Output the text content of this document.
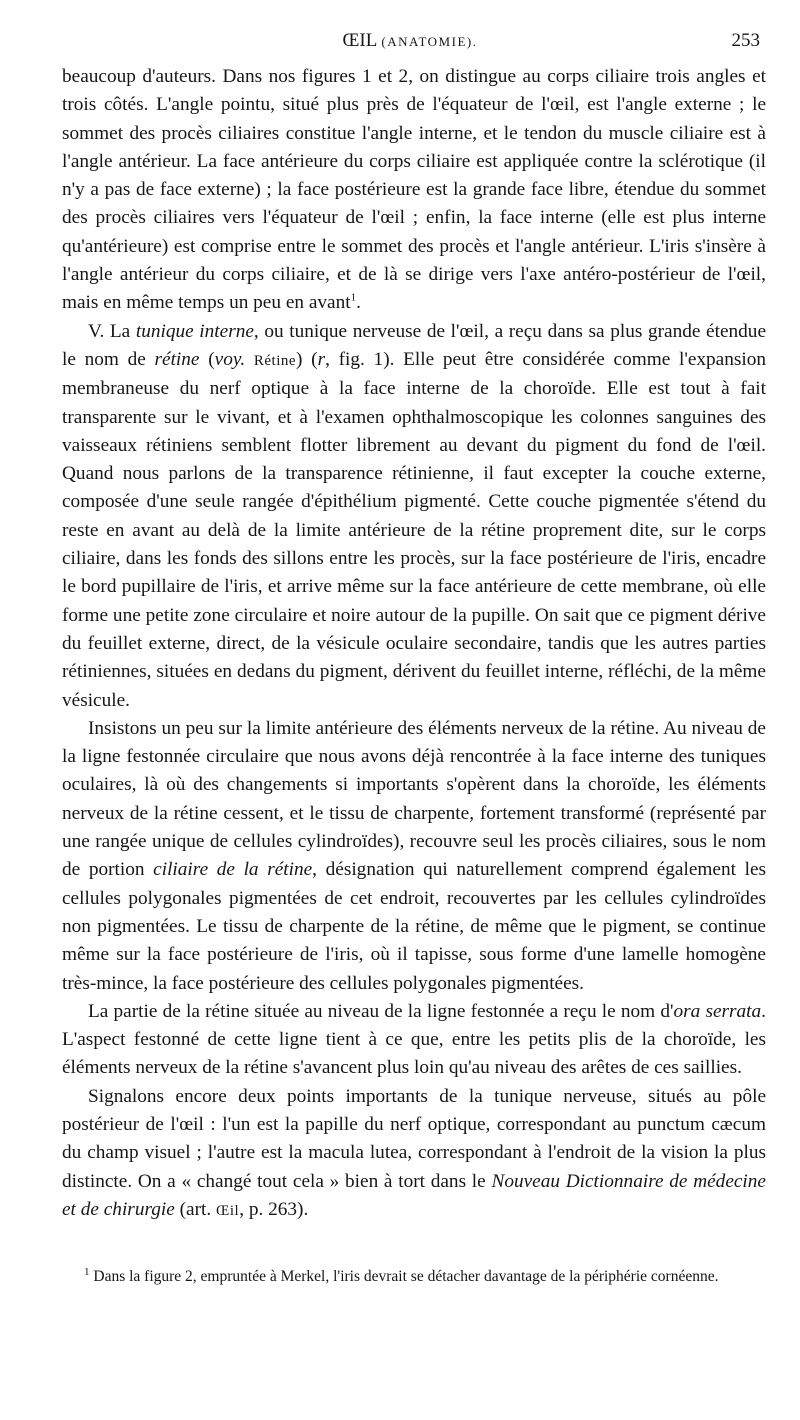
ŒIL (ANATOMIE).	253

beaucoup d'auteurs. Dans nos figures 1 et 2, on distingue au corps ciliaire trois angles et trois côtés. L'angle pointu, situé plus près de l'équateur de l'œil, est l'angle externe ; le sommet des procès ciliaires constitue l'angle interne, et le tendon du muscle ciliaire est à l'angle antérieur. La face antérieure du corps ciliaire est appliquée contre la sclérotique (il n'y a pas de face externe) ; la face postérieure est la grande face libre, étendue du sommet des procès ciliaires vers l'équateur de l'œil ; enfin, la face interne (elle est plus interne qu'antérieure) est comprise entre le sommet des procès et l'angle antérieur. L'iris s'insère à l'angle antérieur du corps ciliaire, et de là se dirige vers l'axe antéro-postérieur de l'œil, mais en même temps un peu en avant$^1$.

V. La tunique interne, ou tunique nerveuse de l'œil, a reçu dans sa plus grande étendue le nom de rétine (voy. Rétine) (r, fig. 1). Elle peut être considérée comme l'expansion membraneuse du nerf optique à la face interne de la choroïde. Elle est tout à fait transparente sur le vivant, et à l'examen ophthalmoscopique les colonnes sanguines des vaisseaux rétiniens semblent flotter librement au devant du pigment du fond de l'œil. Quand nous parlons de la transparence rétinienne, il faut excepter la couche externe, composée d'une seule rangée d'épithélium pigmenté. Cette couche pigmentée s'étend du reste en avant au delà de la limite antérieure de la rétine proprement dite, sur le corps ciliaire, dans les fonds des sillons entre les procès, sur la face postérieure de l'iris, encadre le bord pupillaire de l'iris, et arrive même sur la face antérieure de cette membrane, où elle forme une petite zone circulaire et noire autour de la pupille. On sait que ce pigment dérive du feuillet externe, direct, de la vésicule oculaire secondaire, tandis que les autres parties rétiniennes, situées en dedans du pigment, dérivent du feuillet interne, réfléchi, de la même vésicule.

Insistons un peu sur la limite antérieure des éléments nerveux de la rétine. Au niveau de la ligne festonnée circulaire que nous avons déjà rencontrée à la face interne des tuniques oculaires, là où des changements si importants s'opèrent dans la choroïde, les éléments nerveux de la rétine cessent, et le tissu de charpente, fortement transformé (représenté par une rangée unique de cellules cylindroïdes), recouvre seul les procès ciliaires, sous le nom de portion ciliaire de la rétine, désignation qui naturellement comprend également les cellules polygonales pigmentées de cet endroit, recouvertes par les cellules cylindroïdes non pigmentées. Le tissu de charpente de la rétine, de même que le pigment, se continue même sur la face postérieure de l'iris, où il tapisse, sous forme d'une lamelle homogène très-mince, la face postérieure des cellules polygonales pigmentées.

La partie de la rétine située au niveau de la ligne festonnée a reçu le nom d'ora serrata. L'aspect festonné de cette ligne tient à ce que, entre les petits plis de la choroïde, les éléments nerveux de la rétine s'avancent plus loin qu'au niveau des arêtes de ces saillies.

Signalons encore deux points importants de la tunique nerveuse, situés au pôle postérieur de l'œil : l'un est la papille du nerf optique, correspondant au punctum cæcum du champ visuel ; l'autre est la macula lutea, correspondant à l'endroit de la vision la plus distincte. On a « changé tout cela » bien à tort dans le Nouveau Dictionnaire de médecine et de chirurgie (art. Œil, p. 263).

$^1$ Dans la figure 2, empruntée à Merkel, l'iris devrait se détacher davantage de la périphérie cornéenne.
